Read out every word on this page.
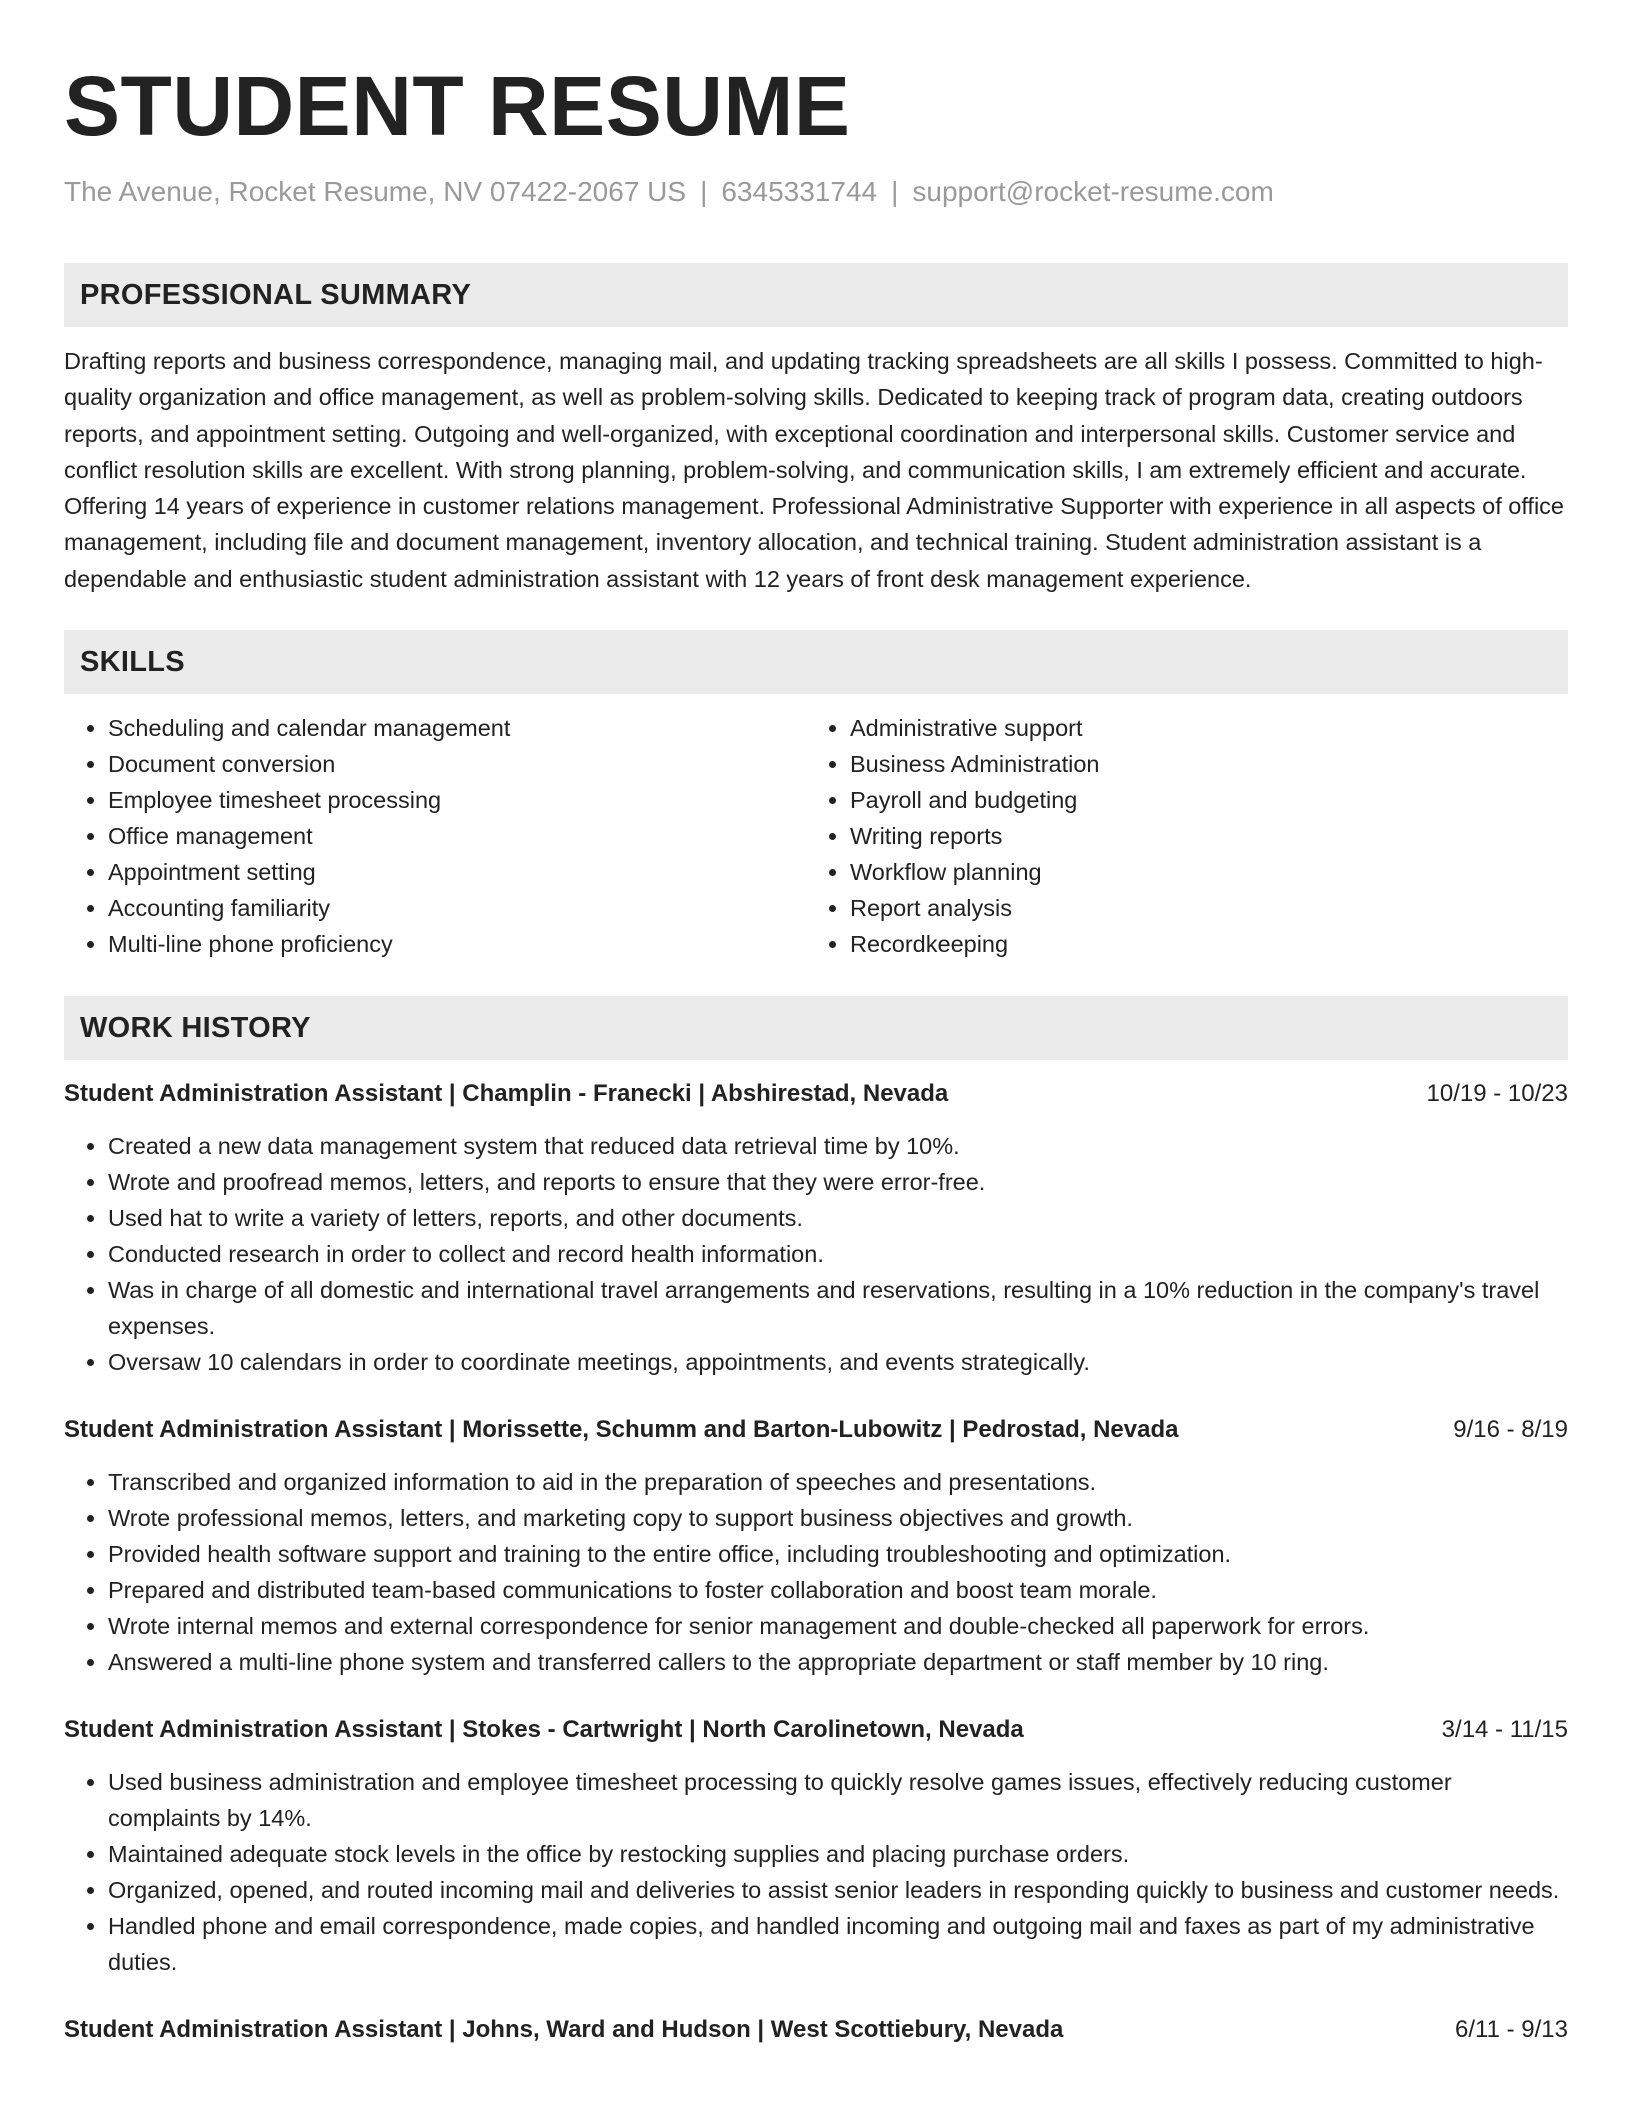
STUDENT RESUME
The Avenue, Rocket Resume, NV 07422-2067 US | 6345331744 | support@rocket-resume.com
PROFESSIONAL SUMMARY

Drafting reports and business correspondence, managing mail, and updating tracking spreadsheets are all skills I possess. Committed to high-quality organization and office management, as well as problem-solving skills. Dedicated to keeping track of program data, creating outdoors reports, and appointment setting. Outgoing and well-organized, with exceptional coordination and interpersonal skills. Customer service and conflict resolution skills are excellent. With strong planning, problem-solving, and communication skills, I am extremely efficient and accurate. Offering 14 years of experience in customer relations management. Professional Administrative Supporter with experience in all aspects of office management, including file and document management, inventory allocation, and technical training. Student administration assistant is a dependable and enthusiastic student administration assistant with 12 years of front desk management experience.

SKILLS
• Scheduling and calendar management
• Document conversion
• Employee timesheet processing
• Office management
• Appointment setting
• Accounting familiarity
• Multi-line phone proficiency
• Administrative support
• Business Administration
• Payroll and budgeting
• Writing reports
• Workflow planning
• Report analysis
• Recordkeeping
WORK HISTORY
Student Administration Assistant | Champlin - Franecki | Abshirestad, Nevada	10/19 - 10/23
• Created a new data management system that reduced data retrieval time by 10%.
• Wrote and proofread memos, letters, and reports to ensure that they were error-free.
• Used hat to write a variety of letters, reports, and other documents.
• Conducted research in order to collect and record health information.
• Was in charge of all domestic and international travel arrangements and reservations, resulting in a 10% reduction in the company's travel expenses.
• Oversaw 10 calendars in order to coordinate meetings, appointments, and events strategically.
Student Administration Assistant | Morissette, Schumm and Barton-Lubowitz | Pedrostad, Nevada	9/16 - 8/19
• Transcribed and organized information to aid in the preparation of speeches and presentations.
• Wrote professional memos, letters, and marketing copy to support business objectives and growth.
• Provided health software support and training to the entire office, including troubleshooting and optimization.
• Prepared and distributed team-based communications to foster collaboration and boost team morale.
• Wrote internal memos and external correspondence for senior management and double-checked all paperwork for errors.
• Answered a multi-line phone system and transferred callers to the appropriate department or staff member by 10 ring.
Student Administration Assistant | Stokes - Cartwright | North Carolinetown, Nevada	3/14 - 11/15
• Used business administration and employee timesheet processing to quickly resolve games issues, effectively reducing customer complaints by 14%.
• Maintained adequate stock levels in the office by restocking supplies and placing purchase orders.
• Organized, opened, and routed incoming mail and deliveries to assist senior leaders in responding quickly to business and customer needs.
• Handled phone and email correspondence, made copies, and handled incoming and outgoing mail and faxes as part of my administrative duties.
Student Administration Assistant | Johns, Ward and Hudson | West Scottiebury, Nevada	6/11 - 9/13
